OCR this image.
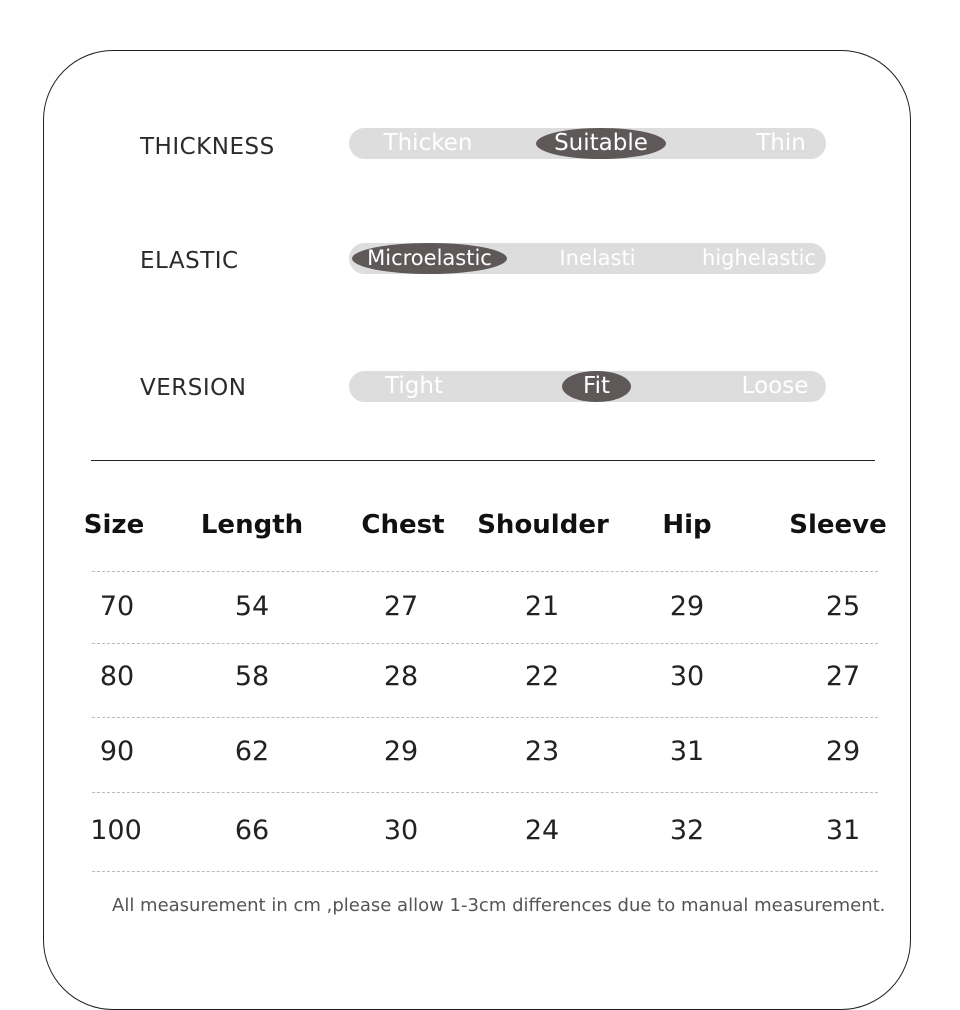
THICKNESS	Thicken	Suitable	Thin
ELASTIC	Microelastic	Inelasti	highelastic
VERSION	Tight	Fit	Loose
Size Length Chest Shoulder Hip	Sleeve
70	54	27	21	29	25
80	58	28	22	30	27
90	62	29	23	31	29
100	66	30	24	32	31
All measurement in cm ,please allow 1-3cm differences due to manual measurement.
